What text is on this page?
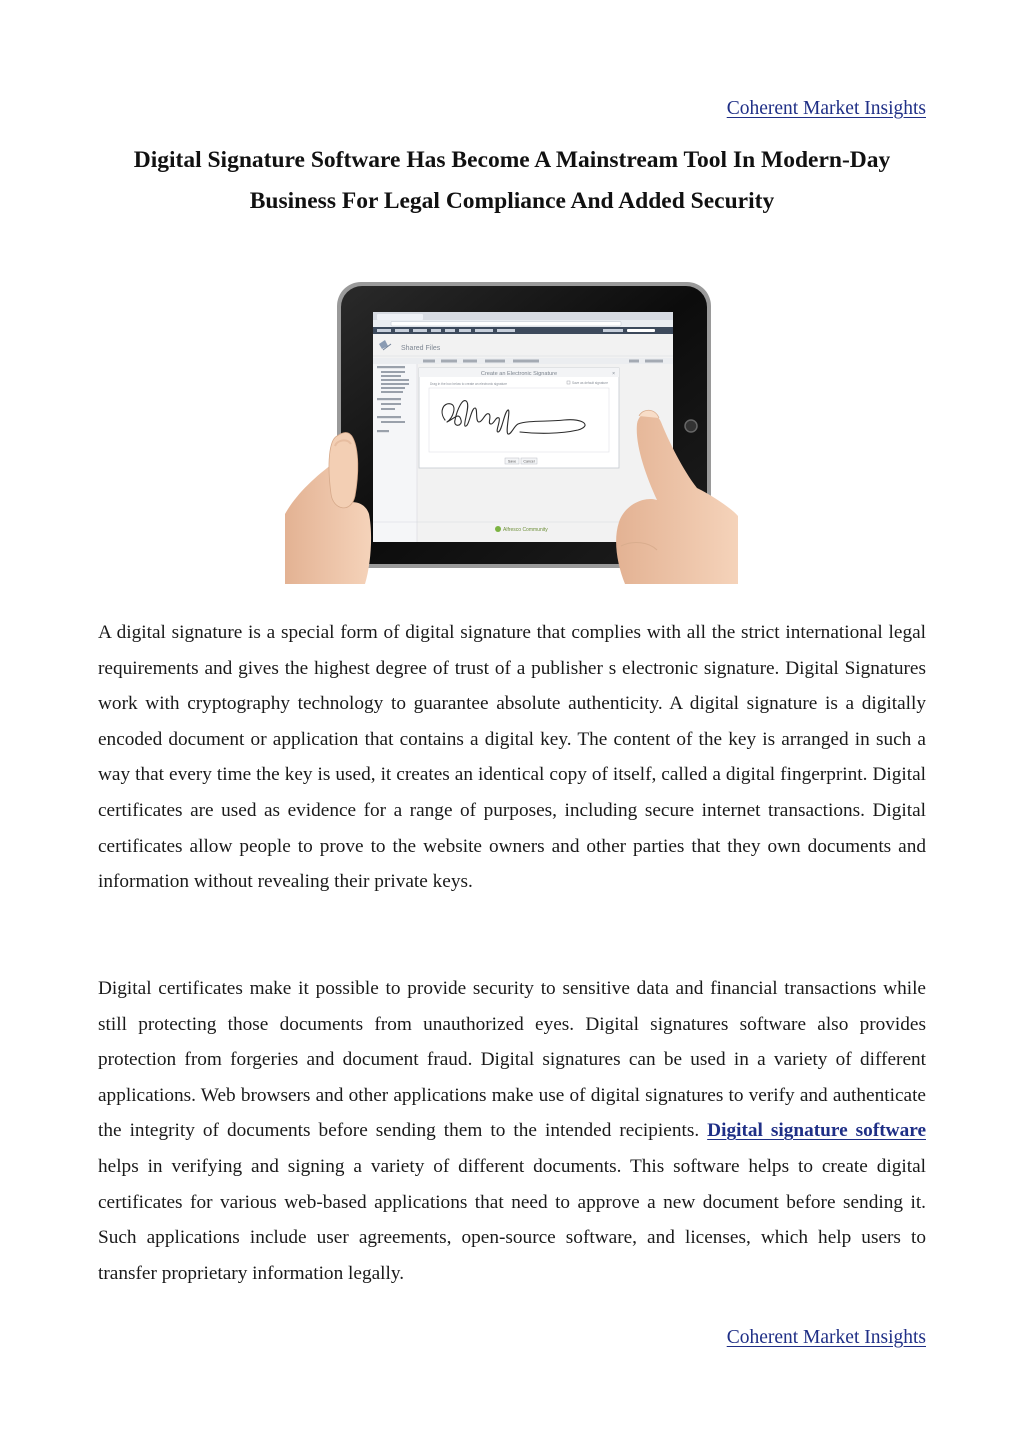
Coherent Market Insights
Digital Signature Software Has Become A Mainstream Tool In Modern-Day
Business For Legal Compliance And Added Security
Shared Files
Create an Electronic Signature	×
Drag in the box below to create an electronic signature	Save as default signature
Save Cancel
Alfresco Community

A digital signature is a special form of digital signature that complies with all the strict international legal requirements and gives the highest degree of trust of a publisher s electronic signature. Digital Signatures work with cryptography technology to guarantee absolute authenticity. A digital signature is a digitally encoded document or application that contains a digital key. The content of the key is arranged in such a way that every time the key is used, it creates an identical copy of itself, called a digital fingerprint. Digital certificates are used as evidence for a range of purposes, including secure internet transactions. Digital certificates allow people to prove to the website owners and other parties that they own documents and information without revealing their private keys.

Digital certificates make it possible to provide security to sensitive data and financial transactions while still protecting those documents from unauthorized eyes. Digital signatures software also provides protection from forgeries and document fraud. Digital signatures can be used in a variety of different applications. Web browsers and other applications make use of digital signatures to verify and authenticate the integrity of documents before sending them to the intended recipients. Digital signature software helps in verifying and signing a variety of different documents. This software helps to create digital certificates for various web-based applications that need to approve a new document before sending it. Such applications include user agreements, open-source software, and licenses, which help users to transfer proprietary information legally.

Coherent Market Insights
